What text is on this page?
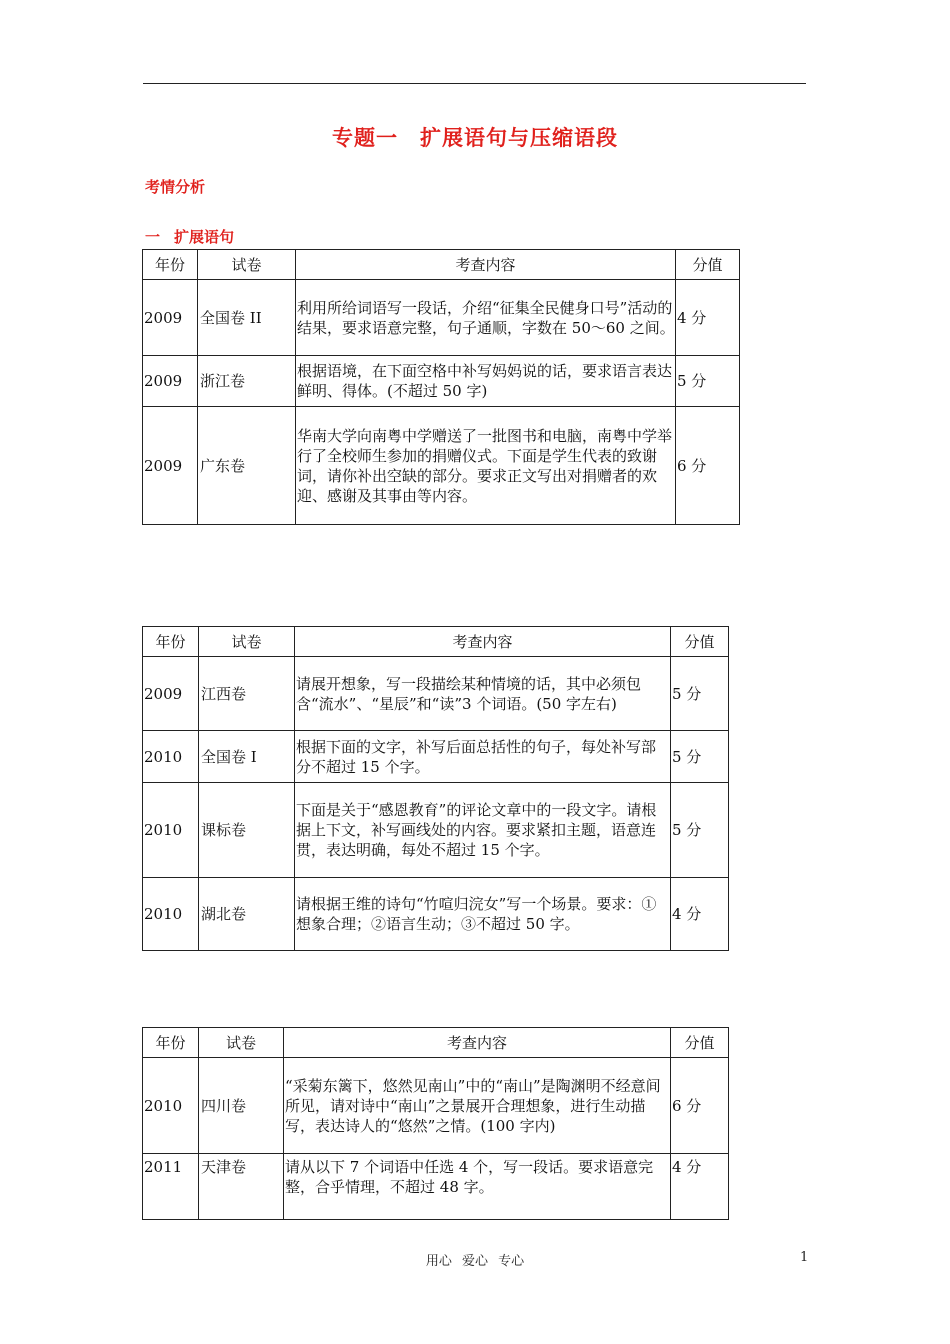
专题一　扩展语句与压缩语段
考情分析
一 扩展语句
年份	试卷	考查内容	分值
2009	全国卷 II	利用所给词语写一段话，介绍“征集全民健身口号”活动的结果，要求语意完整，句子通顺，字数在 50～60 之间。	4 分
2009	浙江卷	根据语境，在下面空格中补写妈妈说的话，要求语言表达鲜明、得体。(不超过 50 字)	5 分
2009	广东卷	华南大学向南粤中学赠送了一批图书和电脑，南粤中学举行了全校师生参加的捐赠仪式。下面是学生代表的致谢词，请你补出空缺的部分。要求正文写出对捐赠者的欢迎、感谢及其事由等内容。	6 分
年份	试卷	考查内容	分值
2009	江西卷	请展开想象，写一段描绘某种情境的话，其中必须包含“流水”、“星辰”和“读”3 个词语。(50 字左右)	5 分
2010	全国卷 I	根据下面的文字，补写后面总括性的句子，每处补写部分不超过 15 个字。	5 分
2010	课标卷	下面是关于“感恩教育”的评论文章中的一段文字。请根据上下文，补写画线处的内容。要求紧扣主题，语意连贯，表达明确，每处不超过 15 个字。	5 分
2010	湖北卷	请根据王维的诗句“竹喧归浣女”写一个场景。要求：①想象合理；②语言生动；③不超过 50 字。	4 分
年份	试卷	考查内容	分值
2010	四川卷	“采菊东篱下，悠然见南山”中的“南山”是陶渊明不经意间所见，请对诗中“南山”之景展开合理想象，进行生动描写，表达诗人的“悠然”之情。(100 字内)	6 分
2011	天津卷	请从以下 7 个词语中任选 4 个，写一段话。要求语意完整，合乎情理，不超过 48 字。	4 分
用心 爱心 专心	1
